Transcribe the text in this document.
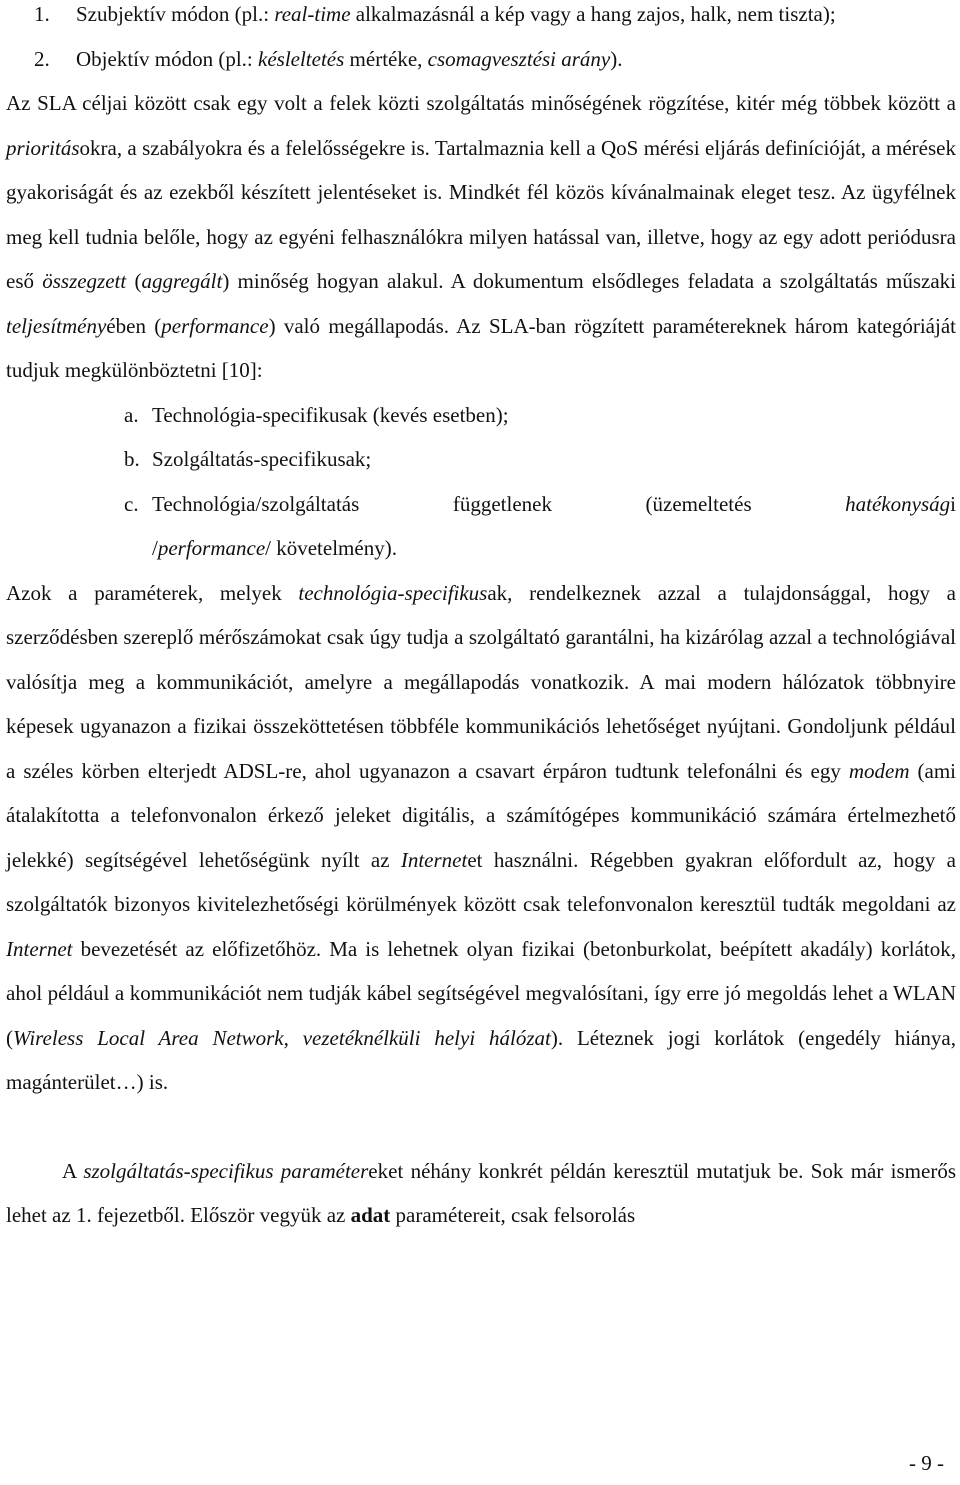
1.	Szubjektív módon (pl.: real-time alkalmazásnál a kép vagy a hang zajos, halk, nem tiszta);

2.	Objektív módon (pl.: késleltetés mértéke, csomagvesztési arány).

Az SLA céljai között csak egy volt a felek közti szolgáltatás minőségének rögzítése, kitér még többek között a prioritásokra, a szabályokra és a felelősségekre is. Tartalmaznia kell a QoS mérési eljárás definícióját, a mérések gyakoriságát és az ezekből készített jelentéseket is. Mindkét fél közös kívánalmainak eleget tesz. Az ügyfélnek meg kell tudnia belőle, hogy az egyéni felhasználókra milyen hatással van, illetve, hogy az egy adott periódusra eső összegzett (aggregált) minőség hogyan alakul. A dokumentum elsődleges feladata a szolgáltatás műszaki teljesítményében (performance) való megállapodás. Az SLA-ban rögzített paramétereknek három kategóriáját tudjuk megkülönböztetni [10]:

a. Technológia-specifikusak (kevés esetben);

b. Szolgáltatás-specifikusak;

c. Technológia/szolgáltatás függetlenek (üzemeltetés hatékonysági

/performance/ követelmény).

Azok a paraméterek, melyek technológia-specifikusak, rendelkeznek azzal a tulajdonsággal, hogy a szerződésben szereplő mérőszámokat csak úgy tudja a szolgáltató garantálni, ha kizárólag azzal a technológiával valósítja meg a kommunikációt, amelyre a megállapodás vonatkozik. A mai modern hálózatok többnyire képesek ugyanazon a fizikai összeköttetésen többféle kommunikációs lehetőséget nyújtani. Gondoljunk például a széles körben elterjedt ADSL-re, ahol ugyanazon a csavart érpáron tudtunk telefonálni és egy modem (ami átalakította a telefonvonalon érkező jeleket digitális, a számítógépes kommunikáció számára értelmezhető jelekké) segítségével lehetőségünk nyílt az Internetet használni. Régebben gyakran előfordult az, hogy a szolgáltatók bizonyos kivitelezhetőségi körülmények között csak telefonvonalon keresztül tudták megoldani az Internet bevezetését az előfizetőhöz. Ma is lehetnek olyan fizikai (betonburkolat, beépített akadály) korlátok, ahol például a kommunikációt nem tudják kábel segítségével megvalósítani, így erre jó megoldás lehet a WLAN (Wireless Local Area Network, vezetéknélküli helyi hálózat). Léteznek jogi korlátok (engedély hiánya, magánterület…) is.

A szolgáltatás-specifikus paramétereket néhány konkrét példán keresztül mutatjuk be. Sok már ismerős lehet az 1. fejezetből. Először vegyük az adat paramétereit, csak felsorolás

- 9 -
